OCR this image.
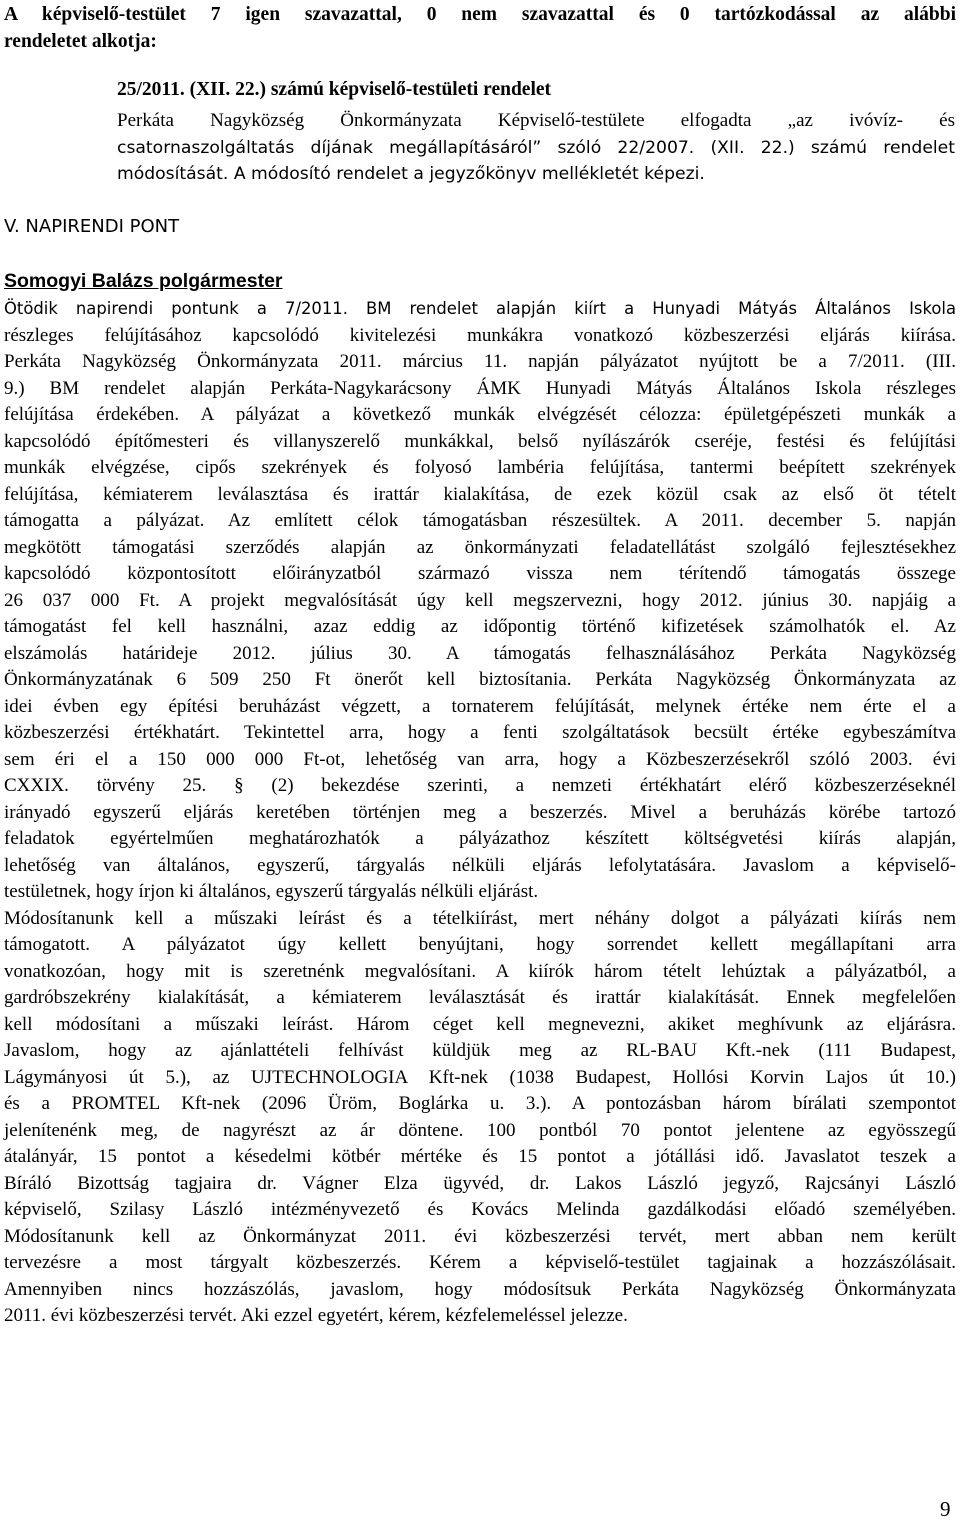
A képviselő-testület 7 igen szavazattal, 0 nem szavazattal és 0 tartózkodással az alábbi
rendeletet alkotja:
25/2011. (XII. 22.) számú képviselő-testületi rendelet
Perkáta Nagyközség Önkormányzata Képviselő-testülete elfogadta „az ivóvíz- és
csatornaszolgáltatás díjának megállapításáról” szóló 22/2007. (XII. 22.) számú rendelet
módosítását. A módosító rendelet a jegyzőkönyv mellékletét képezi.
V. NAPIRENDI PONT
Somogyi Balázs polgármester
Ötödik napirendi pontunk a 7/2011. BM rendelet alapján kiírt a Hunyadi Mátyás Általános Iskola
részleges felújításához kapcsolódó kivitelezési munkákra vonatkozó közbeszerzési eljárás kiírása.
Perkáta Nagyközség Önkormányzata 2011. március 11. napján pályázatot nyújtott be a 7/2011. (III.
9.) BM rendelet alapján Perkáta-Nagykarácsony ÁMK Hunyadi Mátyás Általános Iskola részleges
felújítása érdekében. A pályázat a következő munkák elvégzését célozza: épületgépészeti munkák a
kapcsolódó építőmesteri és villanyszerelő munkákkal, belső nyílászárók cseréje, festési és felújítási
munkák elvégzése, cipős szekrények és folyosó lambéria felújítása, tantermi beépített szekrények
felújítása, kémiaterem leválasztása és irattár kialakítása, de ezek közül csak az első öt tételt
támogatta a pályázat. Az említett célok támogatásban részesültek. A 2011. december 5. napján
megkötött támogatási szerződés alapján az önkormányzati feladatellátást szolgáló fejlesztésekhez
kapcsolódó központosított előirányzatból származó vissza nem térítendő támogatás összege
26 037 000 Ft. A projekt megvalósítását úgy kell megszervezni, hogy 2012. június 30. napjáig a
támogatást fel kell használni, azaz eddig az időpontig történő kifizetések számolhatók el. Az
elszámolás határideje 2012. július 30. A támogatás felhasználásához Perkáta Nagyközség
Önkormányzatának 6 509 250 Ft önerőt kell biztosítania. Perkáta Nagyközség Önkormányzata az
idei évben egy építési beruházást végzett, a tornaterem felújítását, melynek értéke nem érte el a
közbeszerzési értékhatárt. Tekintettel arra, hogy a fenti szolgáltatások becsült értéke egybeszámítva
sem éri el a 150 000 000 Ft-ot, lehetőség van arra, hogy a Közbeszerzésekről szóló 2003. évi
CXXIX. törvény 25. § (2) bekezdése szerinti, a nemzeti értékhatárt elérő közbeszerzéseknél
irányadó egyszerű eljárás keretében történjen meg a beszerzés. Mivel a beruházás körébe tartozó
feladatok egyértelműen meghatározhatók a pályázathoz készített költségvetési kiírás alapján,
lehetőség van általános, egyszerű, tárgyalás nélküli eljárás lefolytatására. Javaslom a képviselő-
testületnek, hogy írjon ki általános, egyszerű tárgyalás nélküli eljárást.
Módosítanunk kell a műszaki leírást és a tételkiírást, mert néhány dolgot a pályázati kiírás nem
támogatott. A pályázatot úgy kellett benyújtani, hogy sorrendet kellett megállapítani arra
vonatkozóan, hogy mit is szeretnénk megvalósítani. A kiírók három tételt lehúztak a pályázatból, a
gardróbszekrény kialakítását, a kémiaterem leválasztását és irattár kialakítását. Ennek megfelelően
kell módosítani a műszaki leírást. Három céget kell megnevezni, akiket meghívunk az eljárásra.
Javaslom, hogy az ajánlattételi felhívást küldjük meg az RL-BAU Kft.-nek (111 Budapest,
Lágymányosi út 5.), az UJTECHNOLOGIA Kft-nek (1038 Budapest, Hollósi Korvin Lajos út 10.)
és a PROMTEL Kft-nek (2096 Üröm, Boglárka u. 3.). A pontozásban három bírálati szempontot
jelenítenénk meg, de nagyrészt az ár döntene. 100 pontból 70 pontot jelentene az egyösszegű
átalányár, 15 pontot a késedelmi kötbér mértéke és 15 pontot a jótállási idő. Javaslatot teszek a
Bíráló Bizottság tagjaira dr. Vágner Elza ügyvéd, dr. Lakos László jegyző, Rajcsányi László
képviselő, Szilasy László intézményvezető és Kovács Melinda gazdálkodási előadó személyében.
Módosítanunk kell az Önkormányzat 2011. évi közbeszerzési tervét, mert abban nem került
tervezésre a most tárgyalt közbeszerzés. Kérem a képviselő-testület tagjainak a hozzászólásait.
Amennyiben nincs hozzászólás, javaslom, hogy módosítsuk Perkáta Nagyközség Önkormányzata
2011. évi közbeszerzési tervét. Aki ezzel egyetért, kérem, kézfelemeléssel jelezze.
9
